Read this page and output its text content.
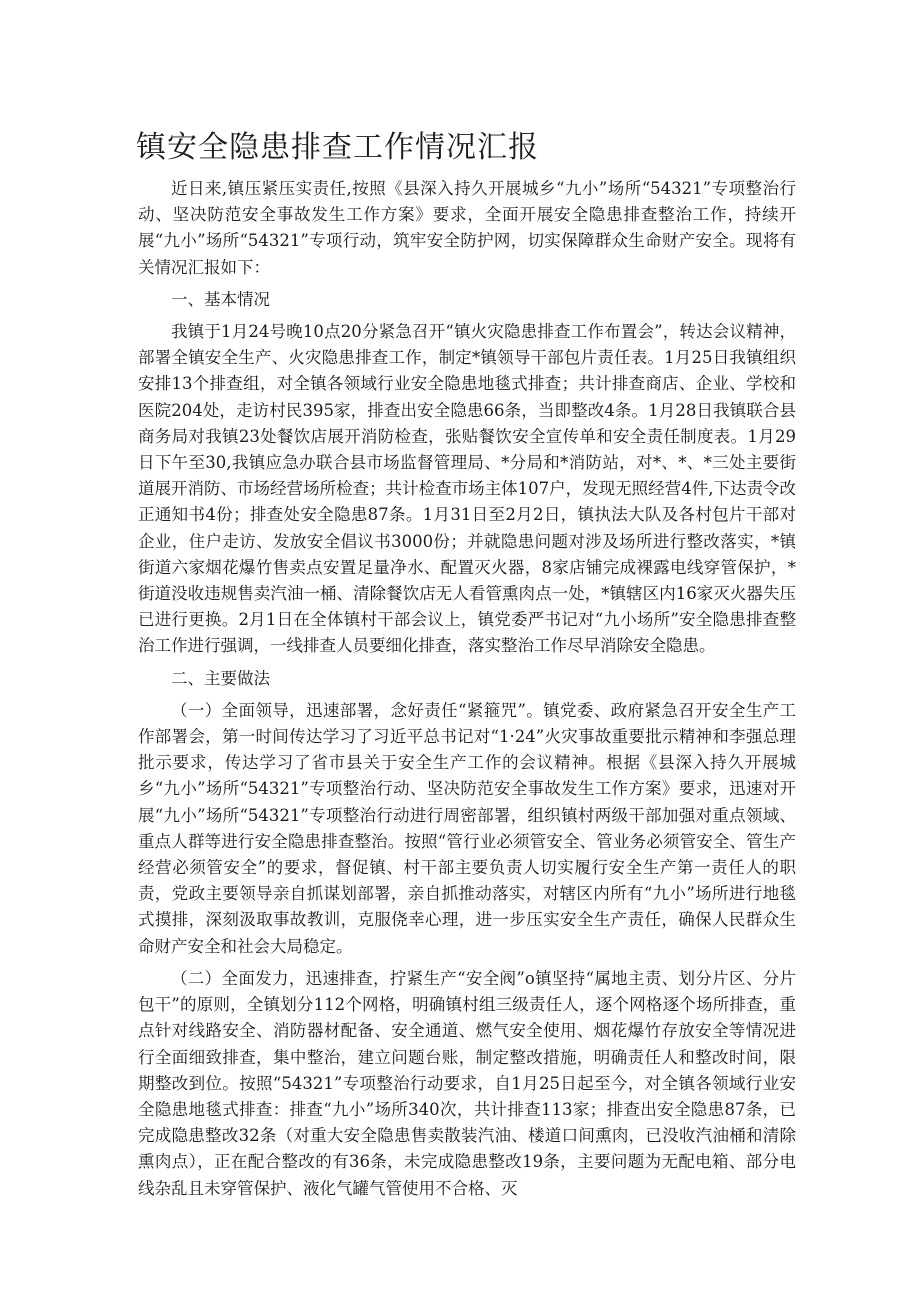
镇安全隐患排查工作情况汇报

近日来,镇压紧压实责任,按照《县深入持久开展城乡“九小”场所“54321”专项整治行动、坚决防范安全事故发生工作方案》要求，全面开展安全隐患排查整治工作，持续开展“九小”场所“54321”专项行动，筑牢安全防护网，切实保障群众生命财产安全。现将有关情况汇报如下：

一、基本情况

我镇于1月24号晚10点20分紧急召开“镇火灾隐患排查工作布置会”，转达会议精神，部署全镇安全生产、火灾隐患排查工作，制定*镇领导干部包片责任表。1月25日我镇组织安排13个排查组，对全镇各领域行业安全隐患地毯式排查；共计排查商店、企业、学校和医院204处，走访村民395家，排查出安全隐患66条，当即整改4条。1月28日我镇联合县商务局对我镇23处餐饮店展开消防检查，张贴餐饮安全宣传单和安全责任制度表。1月29日下午至30,我镇应急办联合县市场监督管理局、*分局和*消防站，对*、*、*三处主要街道展开消防、市场经营场所检查；共计检查市场主体107户，发现无照经营4件,下达责令改正通知书4份；排查处安全隐患87条。1月31日至2月2日，镇执法大队及各村包片干部对企业，住户走访、发放安全倡议书3000份；并就隐患问题对涉及场所进行整改落实，*镇街道六家烟花爆竹售卖点安置足量净水、配置灭火器，8家店铺完成裸露电线穿管保护，*街道没收违规售卖汽油一桶、清除餐饮店无人看管熏肉点一处，*镇辖区内16家灭火器失压已进行更换。2月1日在全体镇村干部会议上，镇党委严书记对“九小场所”安全隐患排查整治工作进行强调，一线排查人员要细化排查，落实整治工作尽早消除安全隐患。

二、主要做法

（一）全面领导，迅速部署，念好责任“紧箍咒”。镇党委、政府紧急召开安全生产工作部署会，第一时间传达学习了习近平总书记对“1·24”火灾事故重要批示精神和李强总理批示要求，传达学习了省市县关于安全生产工作的会议精神。根据《县深入持久开展城乡“九小”场所“54321”专项整治行动、坚决防范安全事故发生工作方案》要求，迅速对开展“九小”场所“54321”专项整治行动进行周密部署，组织镇村两级干部加强对重点领域、重点人群等进行安全隐患排查整治。按照“管行业必须管安全、管业务必须管安全、管生产经营必须管安全”的要求，督促镇、村干部主要负责人切实履行安全生产第一责任人的职责，党政主要领导亲自抓谋划部署，亲自抓推动落实，对辖区内所有“九小”场所进行地毯式摸排，深刻汲取事故教训，克服侥幸心理，进一步压实安全生产责任，确保人民群众生命财产安全和社会大局稳定。

（二）全面发力，迅速排查，拧紧生产“安全阀”o镇坚持“属地主责、划分片区、分片包干”的原则，全镇划分112个网格，明确镇村组三级责任人，逐个网格逐个场所排查，重点针对线路安全、消防器材配备、安全通道、燃气安全使用、烟花爆竹存放安全等情况进行全面细致排查，集中整治，建立问题台账，制定整改措施，明确责任人和整改时间，限期整改到位。按照“54321”专项整治行动要求，自1月25日起至今，对全镇各领域行业安全隐患地毯式排查：排查“九小”场所340次，共计排查113家；排查出安全隐患87条，已完成隐患整改32条（对重大安全隐患售卖散装汽油、楼道口间熏肉，已没收汽油桶和清除熏肉点），正在配合整改的有36条，未完成隐患整改19条，主要问题为无配电箱、部分电线杂乱且未穿管保护、液化气罐气管使用不合格、灭
